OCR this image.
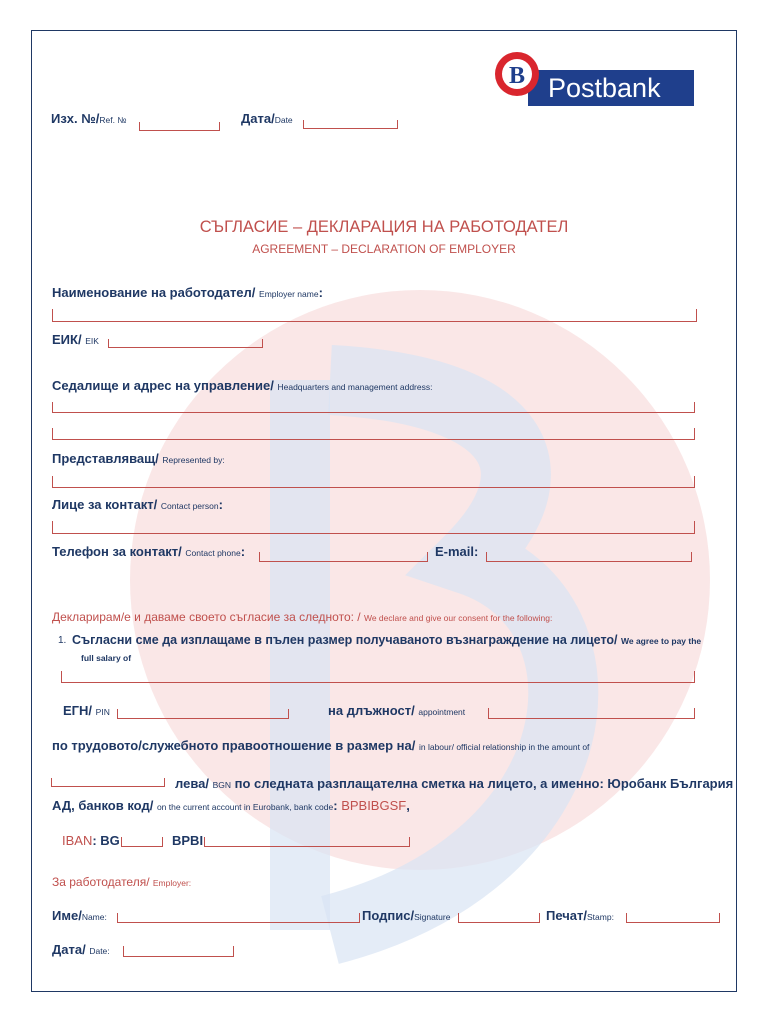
B Postbank
Изх. №/Ref. №	Дата/Date
СЪГЛАСИЕ – ДЕКЛАРАЦИЯ НА РАБОТОДАТЕЛ
AGREEMENT – DECLARATION OF EMPLOYER
Наименование на работодател/ Employer name:
ЕИК/ EIK
Седалище и адрес на управление/ Headquarters and management address:
Представляващ/ Represented by:
Лице за контакт/ Contact person:
Телефон за контакт/ Contact phone:	E-mail:
Декларирам/е и даваме своето съгласие за следното: / We declare and give our consent for the following:
1. Съгласни сме да изплащаме в пълен размер получаваното възнаграждение на лицето/ We agree to pay the
full salary of
ЕГН/ PIN	на длъжност/ appointment
по трудовото/служебното правоотношение в размер на/ in labour/ official relationship in the amount of
лева/ BGN по следната разплащателна сметка на лицето, а именно: Юробанк България
АД, банков код/ on the current account in Eurobank, bank code: BPBIBGSF,
IBAN: BG	BPBI
За работодателя/ Employer:
Име/Name:	Подпис/Signature	Печат/Stamp:
Дата/ Date:
